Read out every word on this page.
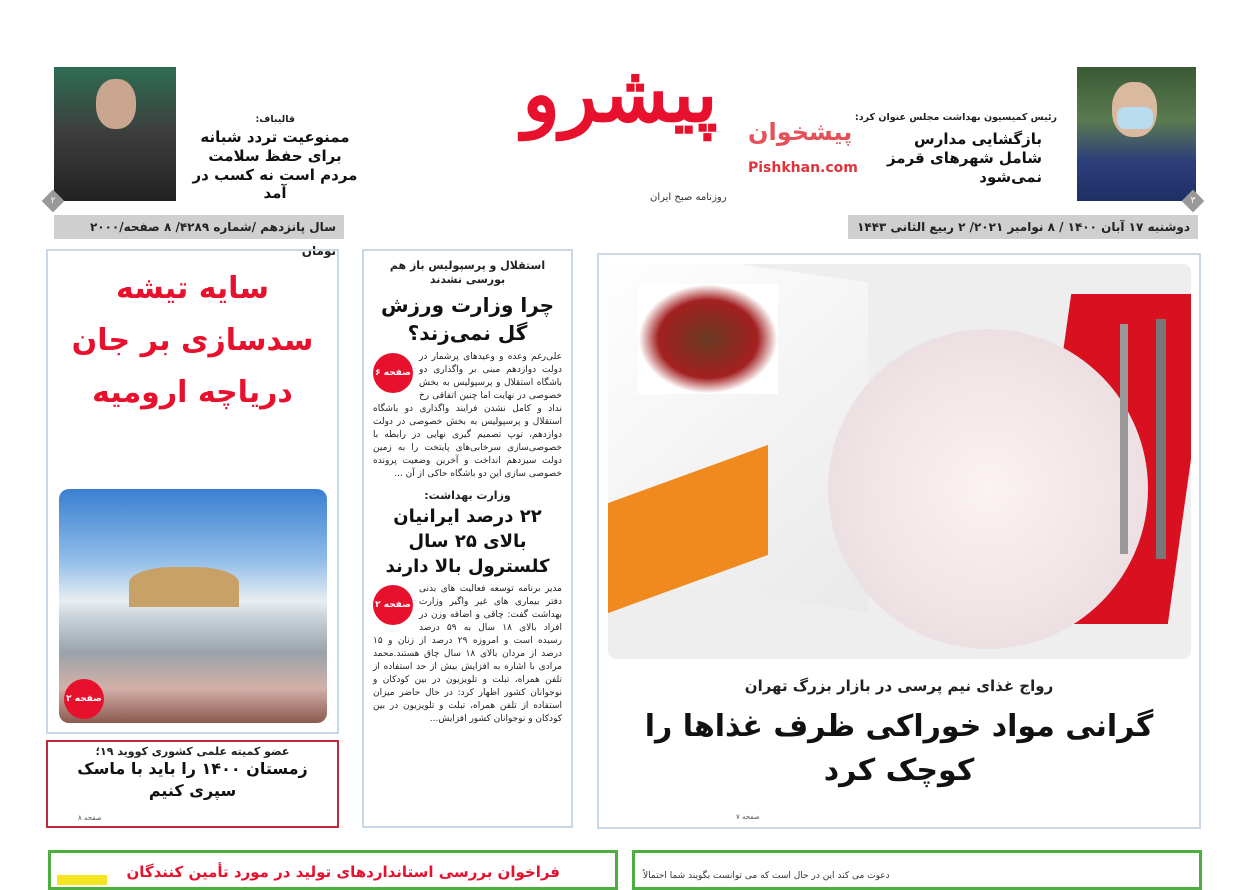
۳
رئیس کمیسیون بهداشت مجلس عنوان کرد:
بازگشایی مدارس شامل شهرهای قرمز نمی‌شود
پیشخوان
Pishkhan.com
پیشرو
روزنامه صبح ایران
قالیباف:
ممنوعیت تردد شبانه برای حفظ سلامت مردم است نه کسب در آمد
۲
دوشنبه ۱۷ آبان ۱۴۰۰ / ۸ نوامبر ۲۰۲۱/ ۲ ربیع الثانی ۱۴۴۳
سال پانزدهم /شماره ۴۲۸۹/ ۸ صفحه/۲۰۰۰ تومان
رواج غذای نیم پرسی در بازار بزرگ تهران
گرانی مواد خوراکی ظرف غذاها را کوچک کرد
صفحه ۷
استقلال و پرسپولیس باز هم بورسی نشدند
چرا وزارت ورزش گل نمی‌زند؟
صفحه ۶
علی‌رغم وعده و وعیدهای پرشمار در دولت دوازدهم مبنی بر واگذاری دو باشگاه استقلال و پرسپولیس به بخش خصوصی در نهایت اما چنین اتفاقی رخ نداد و کامل نشدن فرایند واگذاری دو باشگاه استقلال و پرسپولیس به بخش خصوصی در دولت دوازدهم، توپ تصمیم گیری نهایی در رابطه با خصوصی‌سازی سرخابی‌های پایتخت را به زمین دولت سیزدهم انداخت و آخرین وضعیت پرونده خصوصی سازی این دو باشگاه حاکی از آن ...
وزارت بهداشت:
۲۲ درصد ایرانیان بالای ۲۵ سال کلسترول بالا دارند
صفحه ۲
مدیر برنامه توسعه فعالیت های بدنی دفتر بیماری های غیر واگیر وزارت بهداشت گفت: چاقی و اضافه وزن در افراد بالای ۱۸ سال به ۵۹ درصد رسیده است و امروزه ۲۹ درصد از زنان و ۱۵ درصد از مردان بالای ۱۸ سال چاق هستند.محمد مرادی با اشاره به افزایش بیش از حد استفاده از تلفن همراه، تبلت و تلویزیون در بین کودکان و نوجوانان کشور اظهار کرد: در حال حاضر میزان استفاده از تلفن همراه، تبلت و تلویزیون در بین کودکان و نوجوانان کشور افزایش...
سایه تیشه سدسازی بر جان دریاچه ارومیه
صفحه ۲
عضو کمیته علمی کشوری کووید ۱۹؛
زمستان ۱۴۰۰ را باید با ماسک سپری کنیم
صفحه ۸
فراخوان بررسی استانداردهای تولید در مورد تأمین کنندگان	دعوت می کند این در حال است که می توانست بگویند شما احتمالاً
